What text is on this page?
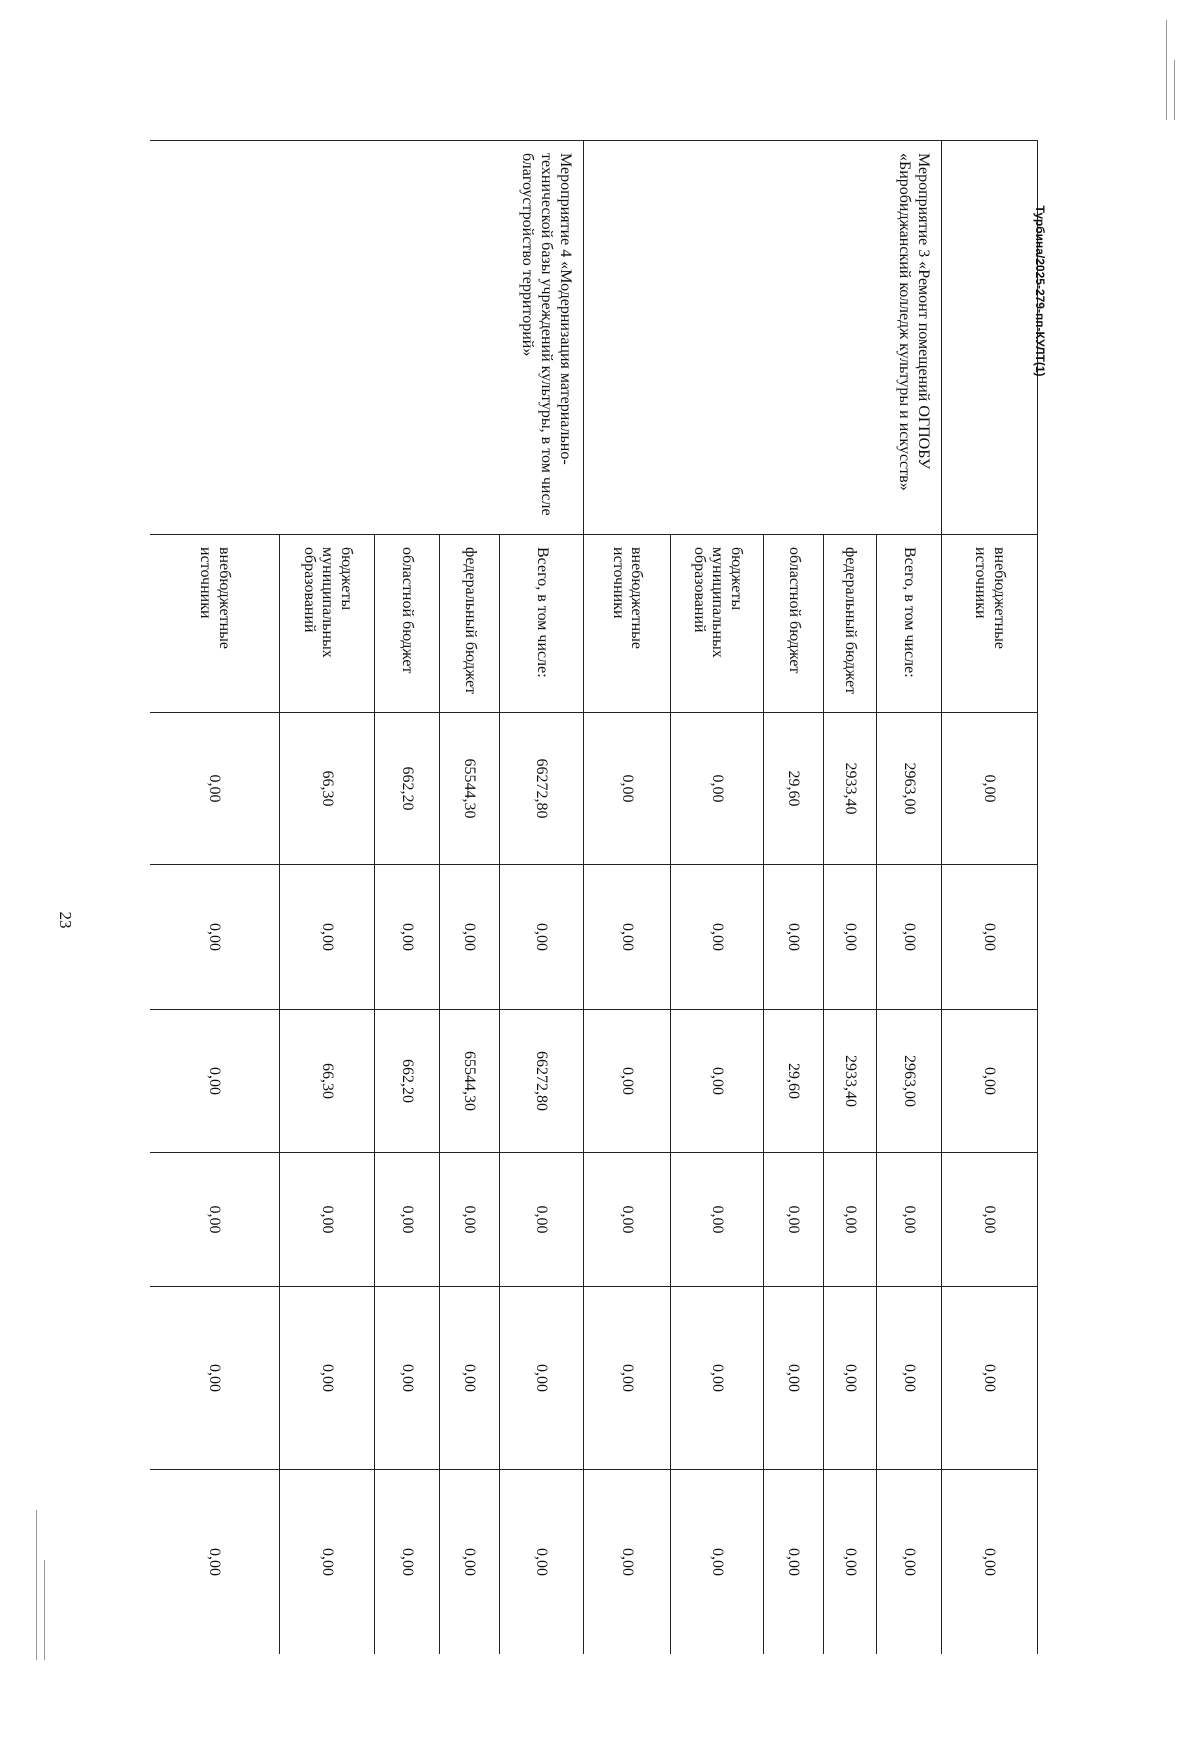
23
	внебюджетные источники	0,00	0,00	0,00	0,00	0,00	0,00
Мероприятие 3 «Ремонт помещений ОГПОБУ «Биробиджанский колледж культуры и искусств»	Всего, в том числе:	2963,00	0,00	2963,00	0,00	0,00	0,00
	федеральный бюджет	2933,40	0,00	2933,40	0,00	0,00	0,00
	областной бюджет	29,60	0,00	29,60	0,00	0,00	0,00
	бюджеты муниципальных образований	0,00	0,00	0,00	0,00	0,00	0,00
	внебюджетные источники	0,00	0,00	0,00	0,00	0,00	0,00
Мероприятие 4 «Модернизация материально-технической базы учреждений культуры, в том числе благоустройство территорий»	Всего, в том числе:	66272,80	0,00	66272,80	0,00	0,00	0,00
	федеральный бюджет	65544,30	0,00	65544,30	0,00	0,00	0,00
	областной бюджет	662,20	0,00	662,20	0,00	0,00	0,00
	бюджеты муниципальных образований	66,30	0,00	66,30	0,00	0,00	0,00
	внебюджетные источники	0,00	0,00	0,00	0,00	0,00	0,00
Турбина/2025-279-пп-КУЛТ(1)
